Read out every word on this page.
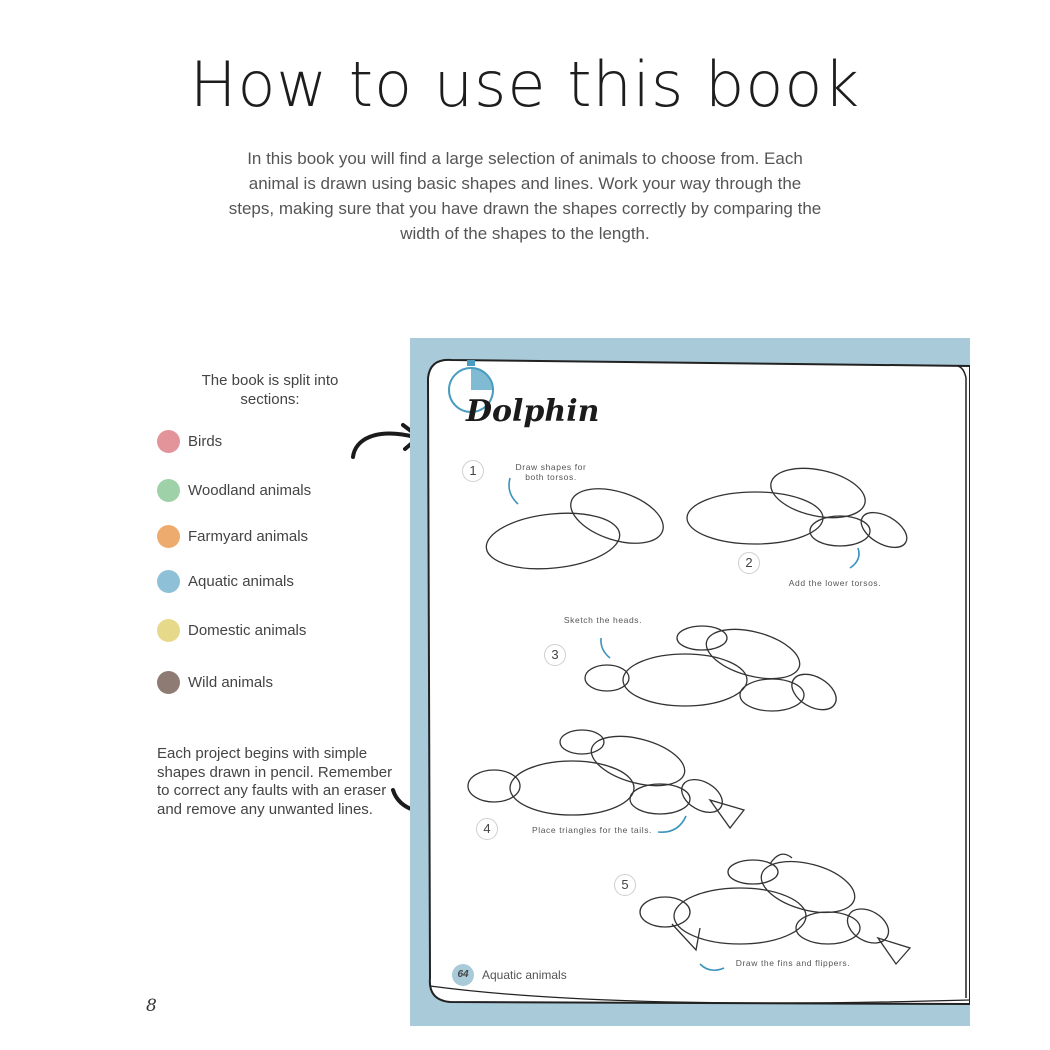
How to use this book
In this book you will find a large selection of animals to choose from. Each animal is drawn using basic shapes and lines. Work your way through the steps, making sure that you have drawn the shapes correctly by comparing the width of the shapes to the length.
The book is split into sections:
Birds
Woodland animals
Farmyard animals
Aquatic animals
Domestic animals
Wild animals
Each project begins with simple shapes drawn in pencil. Remember to correct any faults with an eraser and remove any unwanted lines.
8
Dolphin
1
2
3
4
5
Draw shapes for both torsos.
Add the lower torsos.
Sketch the heads.
Place triangles for the tails.
Draw the fins and flippers.
64	Aquatic animals
